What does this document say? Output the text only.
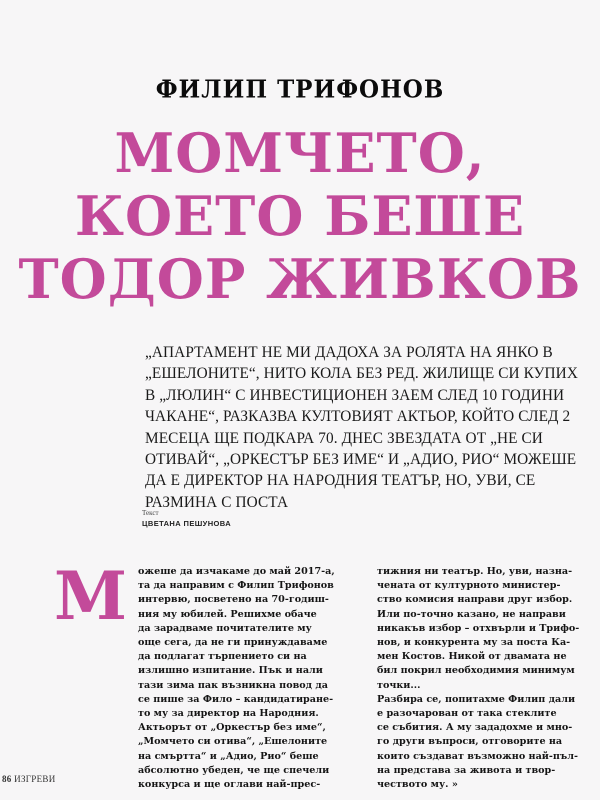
ФИЛИП ТРИФОНОВ
МОМЧЕТО,
КОЕТО БЕШЕ
ТОДОР ЖИВКОВ
„АПАРТАМЕНТ НЕ МИ ДАДОХА ЗА РОЛЯТА НА ЯНКО В „ЕШЕЛОНИТЕ“, НИТО КОЛА БЕЗ РЕД. ЖИЛИЩЕ СИ КУПИХ В „ЛЮЛИН“ С ИНВЕСТИЦИОНЕН ЗАЕМ СЛЕД 10 ГОДИНИ ЧАКАНЕ“, РАЗКАЗВА КУЛТОВИЯТ АКТЬОР, КОЙТО СЛЕД 2 МЕСЕЦА ЩЕ ПОДКАРА 70. ДНЕС ЗВЕЗДАТА ОТ „НЕ СИ ОТИВАЙ“, „ОРКЕСТЪР БЕЗ ИМЕ“ И „АДИО, РИО“ МОЖЕШЕ ДА Е ДИРЕКТОР НА НАРОДНИЯ ТЕАТЪР, НО, УВИ, СЕ РАЗМИНА С ПОСТА
Текст
ЦВЕТАНА ПЕШУНОВА
М ожеше да изчакаме до май 2017-а,
та да направим с Филип Трифонов
интервю, посветено на 70-годиш-
ния му юбилей. Решихме обаче
да зарадваме почитателите му
още сега, да не ги принуждаваме
да подлагат търпението си на
излишно изпитание. Пък и нали
тази зима пак възникна повод да
се пише за Фило – кандидатиране-
то му за директор на Народния.
Актьорът от „Оркестър без име“,
„Момчето си отива“, „Ешелоните
на смъртта“ и „Адио, Рио“ беше
абсолютно убеден, че ще спечели
конкурса и ще оглави най-прес-
тижния ни театър. Но, уви, назна-
чената от културното министер-
ство комисия направи друг избор.
Или по-точно казано, не направи
никакъв избор – отхвърли и Трифо-
нов, и конкурента му за поста Ка-
мен Костов. Никой от двамата не
бил покрил необходимия минимум
точки...
Разбира се, попитахме Филип дали
е разочарован от така стеклите
се събития. А му зададохме и мно-
го други въпроси, отговорите на
които създават възможно най-пъл-
на представа за живота и твор-
чеството му. »
86 ИЗГРЕВИ
